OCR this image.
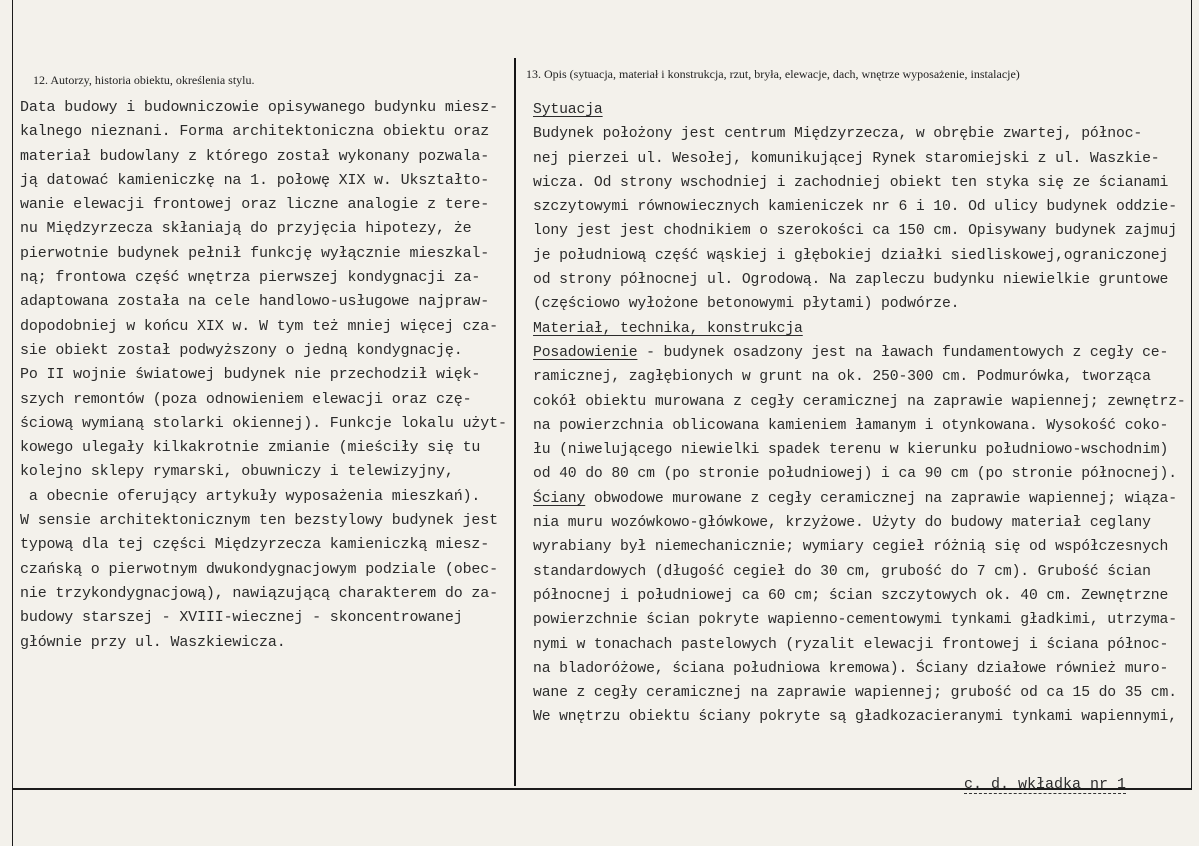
12. Autorzy, historia obiektu, określenia stylu.
Data budowy i budowniczowie opisywanego budynku miesz-
kalnego nieznani. Forma architektoniczna obiektu oraz
materiał budowlany z którego został wykonany pozwala-
ją datować kamieniczkę na 1. połowę XIX w. Ukształto-
wanie elewacji frontowej oraz liczne analogie z tere-
nu Międzyrzecza skłaniają do przyjęcia hipotezy, że
pierwotnie budynek pełnił funkcję wyłącznie mieszkal-
ną; frontowa część wnętrza pierwszej kondygnacji za-
adaptowana została na cele handlowo-usługowe najpraw-
dopodobniej w końcu XIX w. W tym też mniej więcej cza-
sie obiekt został podwyższony o jedną kondygnację.
Po II wojnie światowej budynek nie przechodził więk-
szych remontów (poza odnowieniem elewacji oraz czę-
ściową wymianą stolarki okiennej). Funkcje lokalu użyt-
kowego ulegały kilkakrotnie zmianie (mieściły się tu
kolejno sklepy rymarski, obuwniczy i telewizyjny,
a obecnie oferujący artykuły wyposażenia mieszkań).
W sensie architektonicznym ten bezstylowy budynek jest
typową dla tej części Międzyrzecza kamieniczką miesz-
czańską o pierwotnym dwukondygnacjowym podziale (obec-
nie trzykondygnacjową), nawiązującą charakterem do za-
budowy starszej - XVIII-wiecznej - skoncentrowanej
głównie przy ul. Waszkiewicza.
13. Opis (sytuacja, materiał i konstrukcja, rzut, bryła, elewacje, dach, wnętrze wyposażenie, instalacje)
Sytuacja
Budynek położony jest centrum Międzyrzecza, w obrębie zwartej, północ-
nej pierzei ul. Wesołej, komunikującej Rynek staromiejski z ul. Waszkie-
wicza. Od strony wschodniej i zachodniej obiekt ten styka się ze ścianami
szczytowymi równowiecznych kamieniczek nr 6 i 10. Od ulicy budynek oddzie-
lony jest jest chodnikiem o szerokości ca 150 cm. Opisywany budynek zajmuj
je południową część wąskiej i głębokiej działki siedliskowej,ograniczonej
od strony północnej ul. Ogrodową. Na zapleczu budynku niewielkie gruntowe
(częściowo wyłożone betonowymi płytami) podwórze.
Materiał, technika, konstrukcja
Posadowienie - budynek osadzony jest na ławach fundamentowych z cegły ce-
ramicznej, zagłębionych w grunt na ok. 250-300 cm. Podmurówka, tworząca
cokół obiektu murowana z cegły ceramicznej na zaprawie wapiennej; zewnętrz-
na powierzchnia oblicowana kamieniem łamanym i otynkowana. Wysokość coko-
łu (niwelującego niewielki spadek terenu w kierunku południowo-wschodnim)
od 40 do 80 cm (po stronie południowej) i ca 90 cm (po stronie północnej).
Ściany obwodowe murowane z cegły ceramicznej na zaprawie wapiennej; wiąza-
nia muru wozówkowo-główkowe, krzyżowe. Użyty do budowy materiał ceglany
wyrabiany był niemechanicznie; wymiary cegieł różnią się od współczesnych
standardowych (długość cegieł do 30 cm, grubość do 7 cm). Grubość ścian
północnej i południowej ca 60 cm; ścian szczytowych ok. 40 cm. Zewnętrzne
powierzchnie ścian pokryte wapienno-cementowymi tynkami gładkimi, utrzyma-
nymi w tonachach pastelowych (ryzalit elewacji frontowej i ściana północ-
na bladoróżowe, ściana południowa kremowa). Ściany działowe również muro-
wane z cegły ceramicznej na zaprawie wapiennej; grubość od ca 15 do 35 cm.
We wnętrzu obiektu ściany pokryte są gładkozacieranymi tynkami wapiennymi,

c. d. wkładka nr 1
